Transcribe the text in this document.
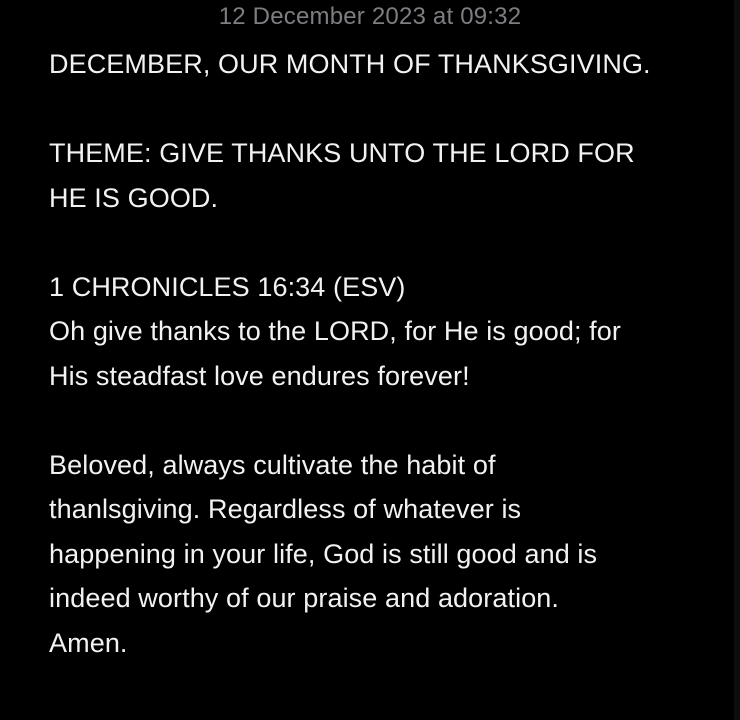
12 December 2023 at 09:32

DECEMBER, OUR MONTH OF THANKSGIVING.

THEME: GIVE THANKS UNTO THE LORD FOR

HE IS GOOD.

1 CHRONICLES 16:34 (ESV)

Oh give thanks to the LORD, for He is good; for

His steadfast love endures forever!

Beloved, always cultivate the habit of

thanlsgiving. Regardless of whatever is

happening in your life, God is still good and is

indeed worthy of our praise and adoration.

Amen.
